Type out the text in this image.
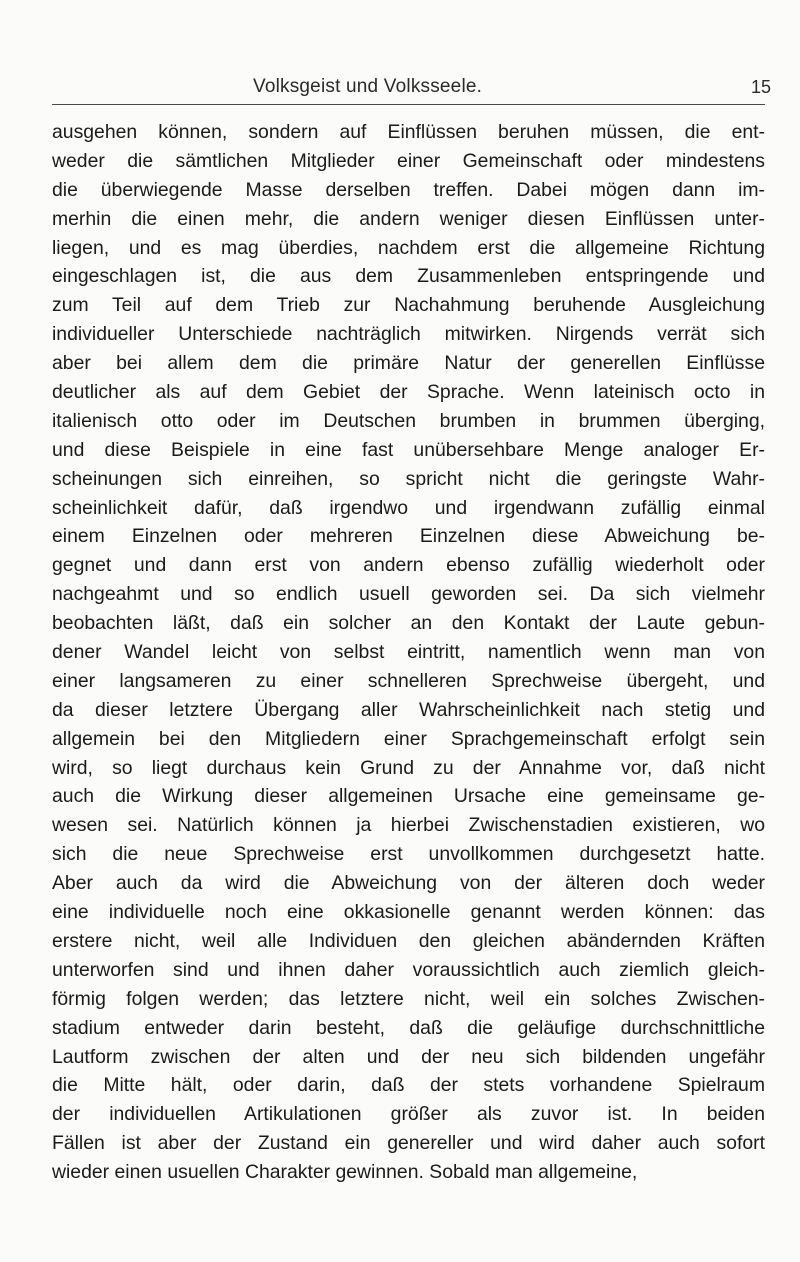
Volksgeist und Volksseele.	15
ausgehen können, sondern auf Einflüssen beruhen müssen, die ent-
weder die sämtlichen Mitglieder einer Gemeinschaft oder mindestens
die überwiegende Masse derselben treffen. Dabei mögen dann im-
merhin die einen mehr, die andern weniger diesen Einflüssen unter-
liegen, und es mag überdies, nachdem erst die allgemeine Richtung
eingeschlagen ist, die aus dem Zusammenleben entspringende und
zum Teil auf dem Trieb zur Nachahmung beruhende Ausgleichung
individueller Unterschiede nachträglich mitwirken. Nirgends verrät sich
aber bei allem dem die primäre Natur der generellen Einflüsse
deutlicher als auf dem Gebiet der Sprache. Wenn lateinisch octo in
italienisch otto oder im Deutschen brumben in brummen überging,
und diese Beispiele in eine fast unübersehbare Menge analoger Er-
scheinungen sich einreihen, so spricht nicht die geringste Wahr-
scheinlichkeit dafür, daß irgendwo und irgendwann zufällig einmal
einem Einzelnen oder mehreren Einzelnen diese Abweichung be-
gegnet und dann erst von andern ebenso zufällig wiederholt oder
nachgeahmt und so endlich usuell geworden sei. Da sich vielmehr
beobachten läßt, daß ein solcher an den Kontakt der Laute gebun-
dener Wandel leicht von selbst eintritt, namentlich wenn man von
einer langsameren zu einer schnelleren Sprechweise übergeht, und
da dieser letztere Übergang aller Wahrscheinlichkeit nach stetig und
allgemein bei den Mitgliedern einer Sprachgemeinschaft erfolgt sein
wird, so liegt durchaus kein Grund zu der Annahme vor, daß nicht
auch die Wirkung dieser allgemeinen Ursache eine gemeinsame ge-
wesen sei. Natürlich können ja hierbei Zwischenstadien existieren, wo
sich die neue Sprechweise erst unvollkommen durchgesetzt hatte.
Aber auch da wird die Abweichung von der älteren doch weder
eine individuelle noch eine okkasionelle genannt werden können: das
erstere nicht, weil alle Individuen den gleichen abändernden Kräften
unterworfen sind und ihnen daher voraussichtlich auch ziemlich gleich-
förmig folgen werden; das letztere nicht, weil ein solches Zwischen-
stadium entweder darin besteht, daß die geläufige durchschnittliche
Lautform zwischen der alten und der neu sich bildenden ungefähr
die Mitte hält, oder darin, daß der stets vorhandene Spielraum
der individuellen Artikulationen größer als zuvor ist. In beiden
Fällen ist aber der Zustand ein genereller und wird daher auch sofort
wieder einen usuellen Charakter gewinnen. Sobald man allgemeine,
